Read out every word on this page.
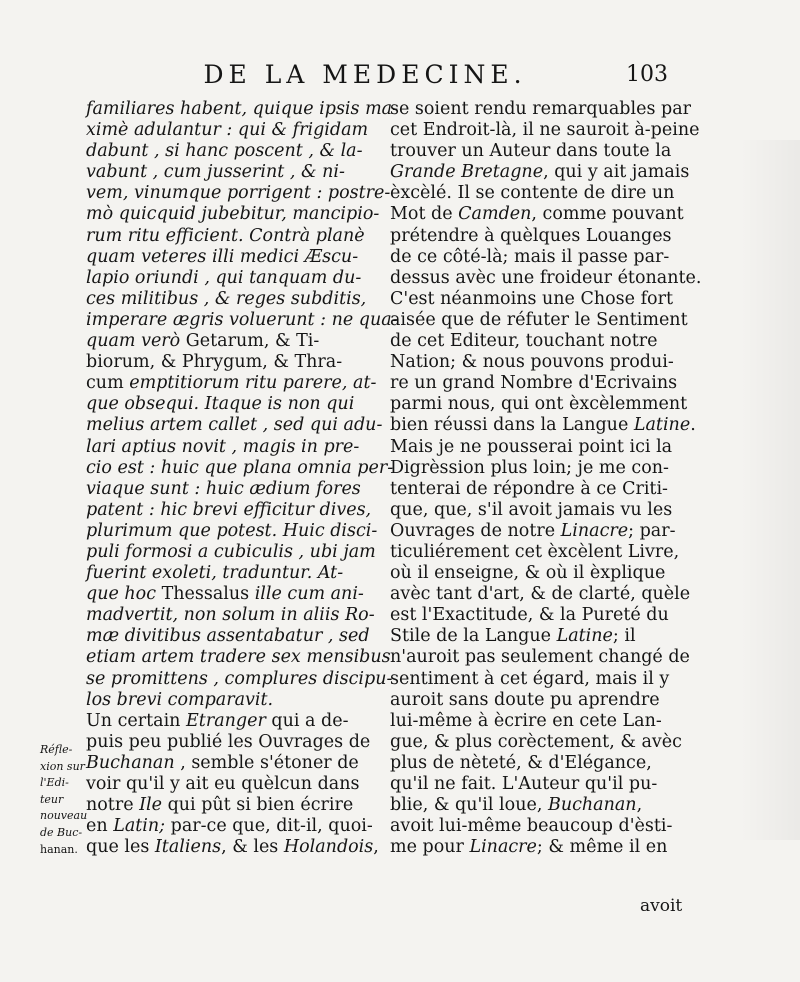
DE LA MEDECINE.	103
familiares habent, quique ipsis ma-
ximè adulantur : qui & frigidam
dabunt , si hanc poscent , & la-
vabunt , cum jusserint , & ni-
vem, vinumque porrigent : postre-
mò quicquid jubebitur, mancipio-
rum ritu efficient. Contrà planè
quam veteres illi medici Æscu-
lapio oriundi , qui tanquam du-
ces militibus , & reges subditis,
imperare ægris voluerunt : ne qua-
quam verò Getarum, & Ti-
biorum, & Phrygum, & Thra-
cum emptitiorum ritu parere, at-
que obsequi. Itaque is non qui
melius artem callet , sed qui adu-
lari aptius novit , magis in pre-
cio est : huic que plana omnia per-
viaque sunt : huic ædium fores
patent : hic brevi efficitur dives,
plurimum que potest. Huic disci-
puli formosi a cubiculis , ubi jam
fuerint exoleti, traduntur. At-
que hoc Thessalus ille cum ani-
madvertit, non solum in aliis Ro-
mæ divitibus assentabatur , sed
etiam artem tradere sex mensibus
se promittens , complures discipu-
los brevi comparavit.
Un certain Etranger qui a de-
puis peu publié les Ouvrages de
Buchanan , semble s'étoner de
voir qu'il y ait eu quèlcun dans
notre Ile qui pût si bien écrire
en Latin; par-ce que, dit-il, quoi-
que les Italiens, & les Holandois,
se soient rendu remarquables par
cet Endroit-là, il ne sauroit à-peine
trouver un Auteur dans toute la
Grande Bretagne, qui y ait jamais
èxcèlé. Il se contente de dire un
Mot de Camden, comme pouvant
prétendre à quèlques Louanges
de ce côté-là; mais il passe par-
dessus avèc une froideur étonante.
C'est néanmoins une Chose fort
aisée que de réfuter le Sentiment
de cet Editeur, touchant notre
Nation; & nous pouvons produi-
re un grand Nombre d'Ecrivains
parmi nous, qui ont èxcèlemment
bien réussi dans la Langue Latine.
Mais je ne pousserai point ici la
Digrèssion plus loin; je me con-
tenterai de répondre à ce Criti-
que, que, s'il avoit jamais vu les
Ouvrages de notre Linacre; par-
ticuliérement cet èxcèlent Livre,
où il enseigne, & où il èxplique
avèc tant d'art, & de clarté, quèle
est l'Exactitude, & la Pureté du
Stile de la Langue Latine; il
n'auroit pas seulement changé de
sentiment à cet égard, mais il y
auroit sans doute pu aprendre
lui-même à ècrire en cete Lan-
gue, & plus corèctement, & avèc
plus de nèteté, & d'Elégance,
qu'il ne fait. L'Auteur qu'il pu-
blie, & qu'il loue, Buchanan,
avoit lui-même beaucoup d'èsti-
me pour Linacre; & même il en
Réfle-
xion sur
l'Edi-
teur
nouveau
de Buc-
hanan.
avoit
